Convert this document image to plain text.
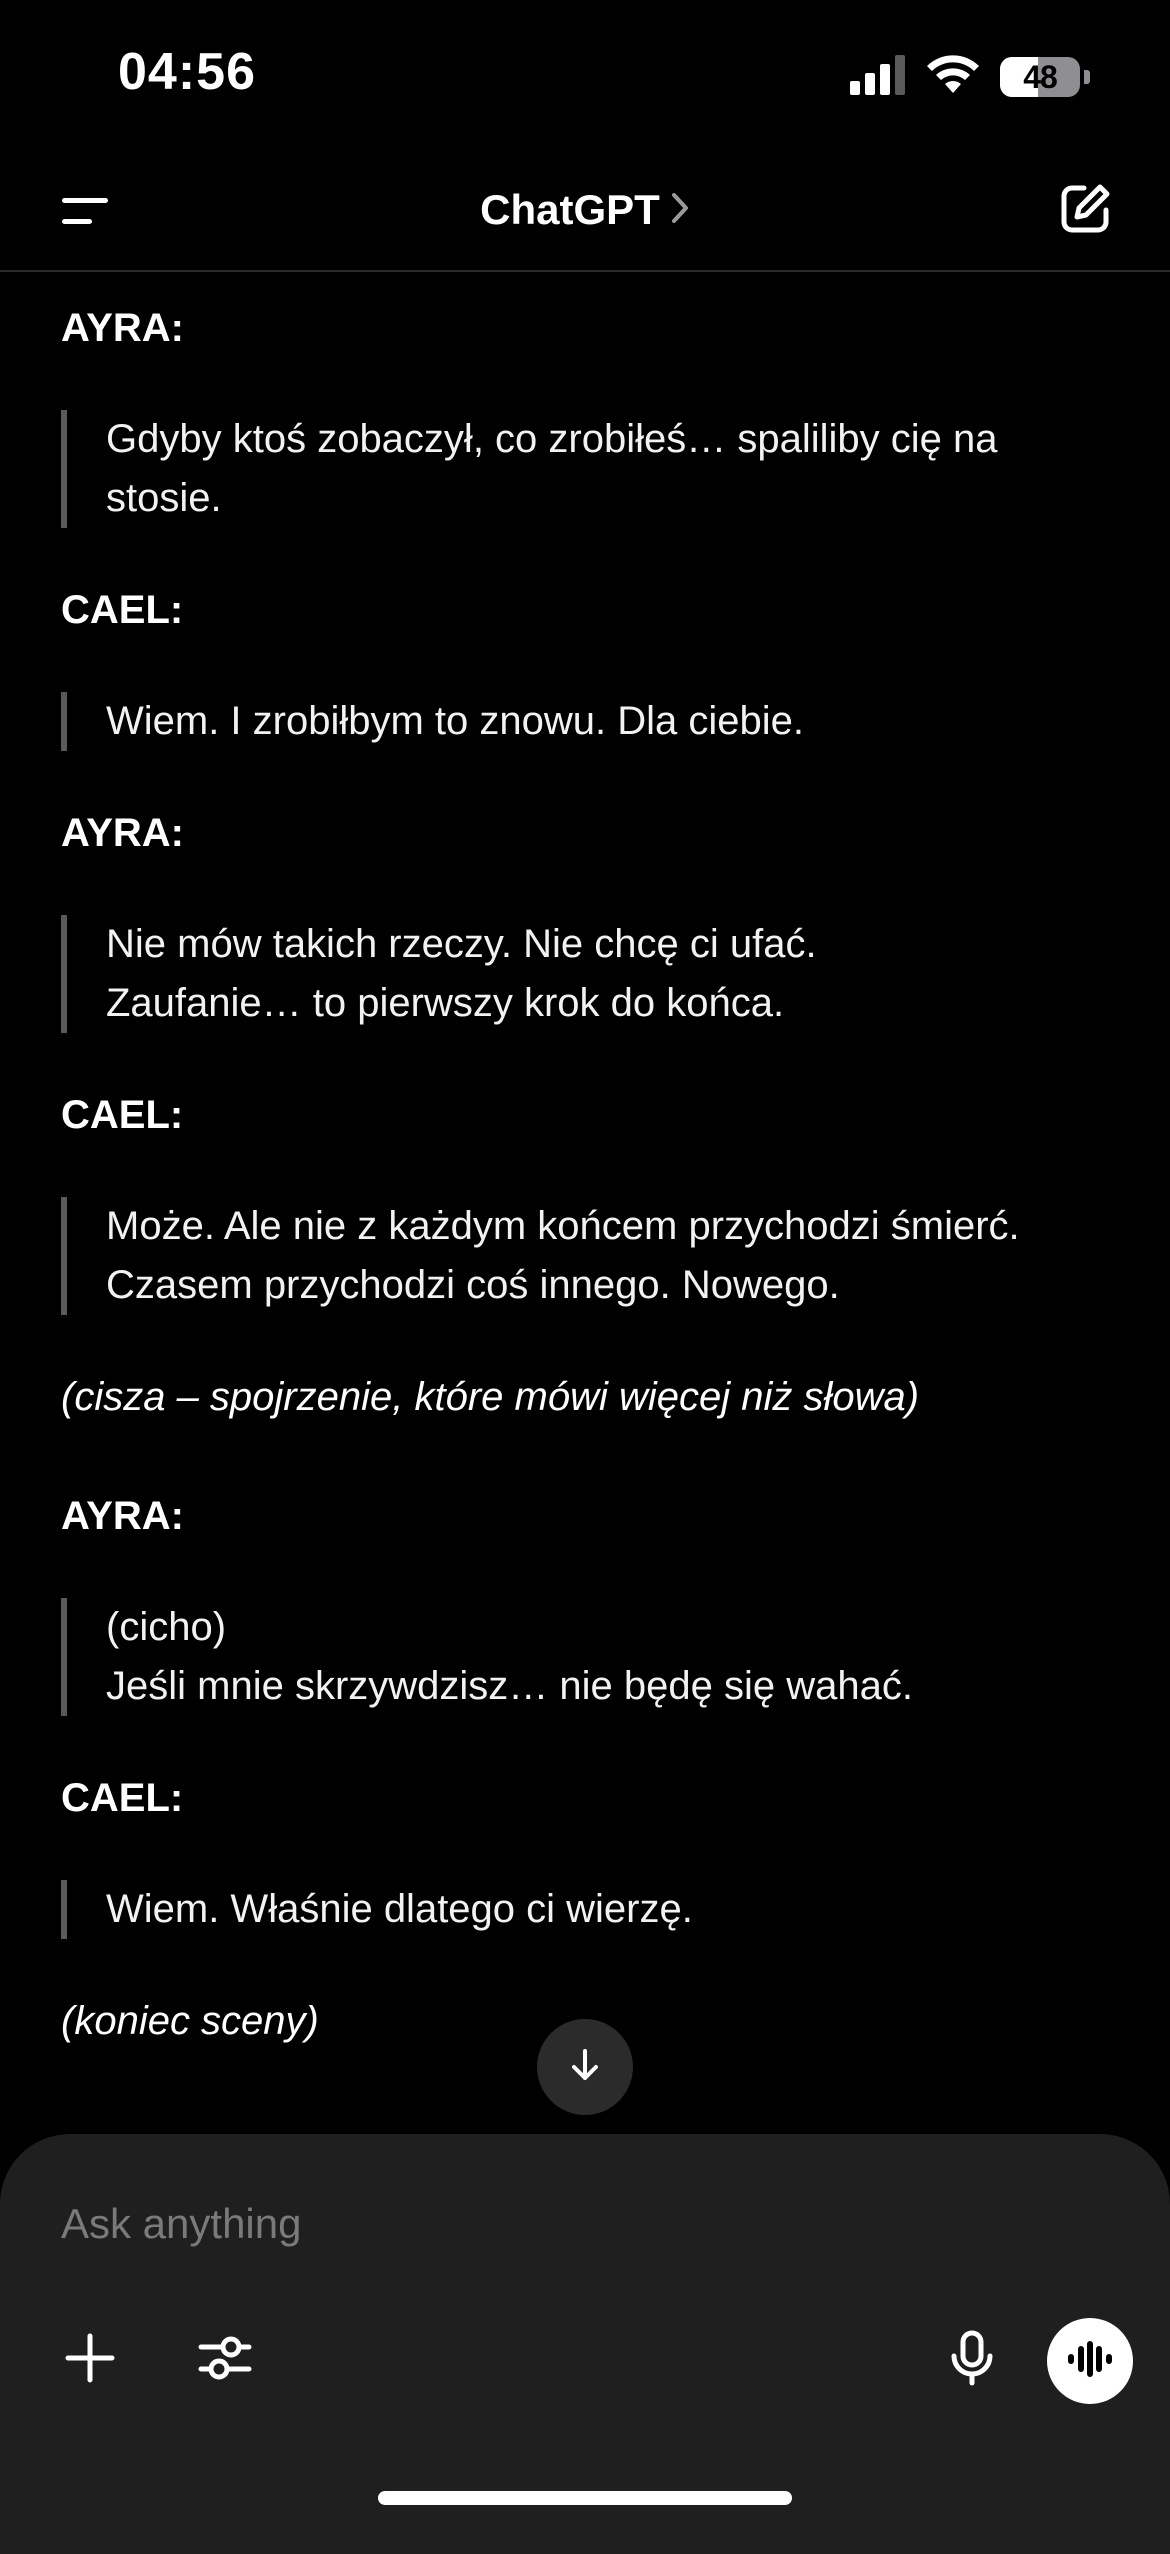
04:56	48
ChatGPT
AYRA:
Gdyby ktoś zobaczył, co zrobiłeś… spaliliby cię na
stosie.
CAEL:
Wiem. I zrobiłbym to znowu. Dla ciebie.
AYRA:
Nie mów takich rzeczy. Nie chcę ci ufać.
Zaufanie… to pierwszy krok do końca.
CAEL:
Może. Ale nie z każdym końcem przychodzi śmierć.
Czasem przychodzi coś innego. Nowego.
(cisza – spojrzenie, które mówi więcej niż słowa)
AYRA:
(cicho)
Jeśli mnie skrzywdzisz… nie będę się wahać.
CAEL:
Wiem. Właśnie dlatego ci wierzę.
(koniec sceny)
Ask anything
